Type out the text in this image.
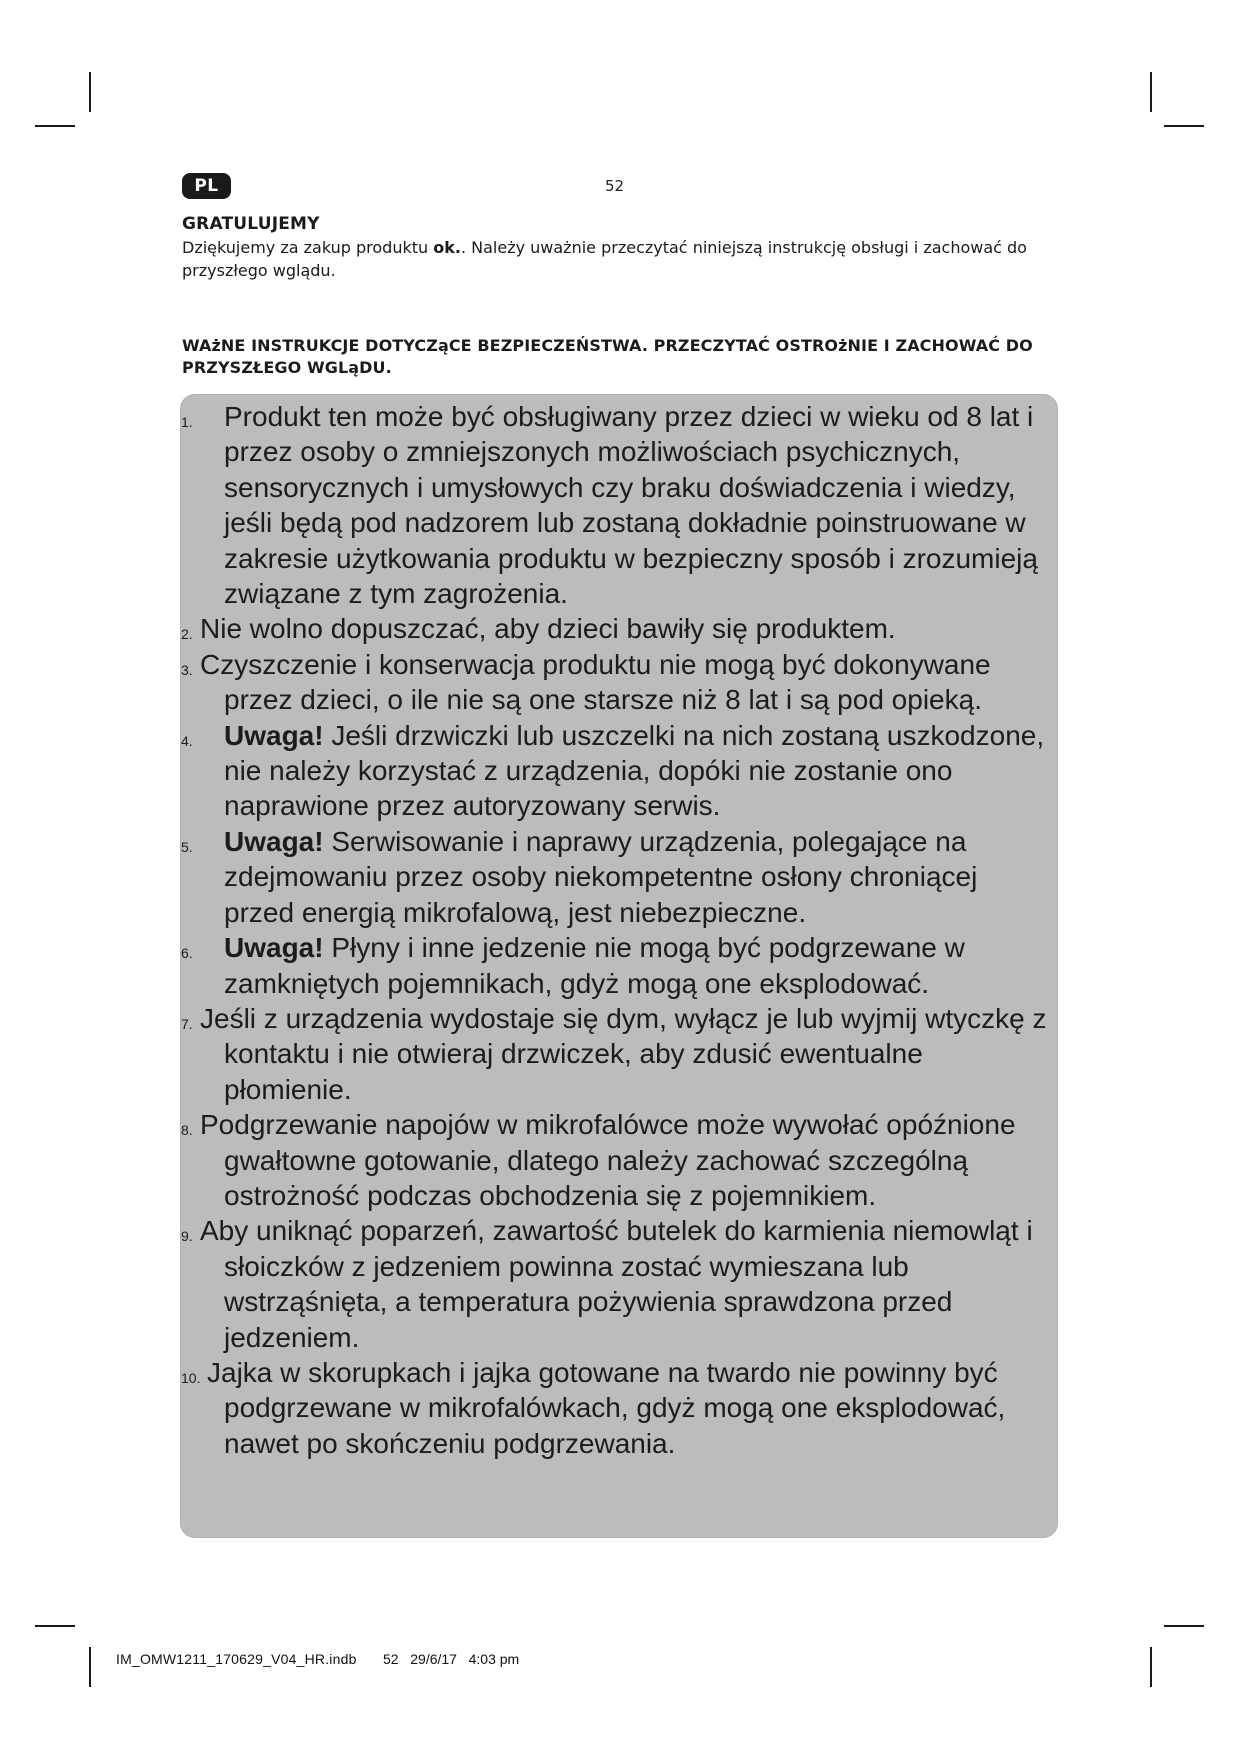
PL	52
GRATULUJEMY
Dziękujemy za zakup produktu ok.. Należy uważnie przeczytać niniejszą instrukcję obsługi i zachować do przyszłego wglądu.
WAżNE INSTRUKCJE DOTYCZąCE BEZPIECZEŃSTWA. PRZECZYTAĆ OSTROżNIE I ZACHOWAĆ DO PRZYSZŁEGO WGLąDU.
1. Produkt ten może być obsługiwany przez dzieci w wieku od 8 lat i przez osoby o zmniejszonych możliwościach psychicznych, sensorycznych i umysłowych czy braku doświadczenia i wiedzy, jeśli będą pod nadzorem lub zostaną dokładnie poinstruowane w zakresie użytkowania produktu w bezpieczny sposób i zrozumieją związane z tym zagrożenia.
2. Nie wolno dopuszczać, aby dzieci bawiły się produktem.
3. Czyszczenie i konserwacja produktu nie mogą być dokonywane przez dzieci, o ile nie są one starsze niż 8 lat i są pod opieką.
4. Uwaga! Jeśli drzwiczki lub uszczelki na nich zostaną uszkodzone, nie należy korzystać z urządzenia, dopóki nie zostanie ono naprawione przez autoryzowany serwis.
5. Uwaga! Serwisowanie i naprawy urządzenia, polegające na zdejmowaniu przez osoby niekompetentne osłony chroniącej przed energią mikrofalową, jest niebezpieczne.
6. Uwaga! Płyny i inne jedzenie nie mogą być podgrzewane w zamkniętych pojemnikach, gdyż mogą one eksplodować.
7. Jeśli z urządzenia wydostaje się dym, wyłącz je lub wyjmij wtyczkę z kontaktu i nie otwieraj drzwiczek, aby zdusić ewentualne płomienie.
8. Podgrzewanie napojów w mikrofalówce może wywołać opóźnione gwałtowne gotowanie, dlatego należy zachować szczególną ostrożność podczas obchodzenia się z pojemnikiem.
9. Aby uniknąć poparzeń, zawartość butelek do karmienia niemowląt i słoiczków z jedzeniem powinna zostać wymieszana lub wstrząśnięta, a temperatura pożywienia sprawdzona przed jedzeniem.
10. Jajka w skorupkach i jajka gotowane na twardo nie powinny być podgrzewane w mikrofalówkach, gdyż mogą one eksplodować, nawet po skończeniu podgrzewania.
IM_OMW1211_170629_V04_HR.indb 52   29/6/17   4:03 pm
